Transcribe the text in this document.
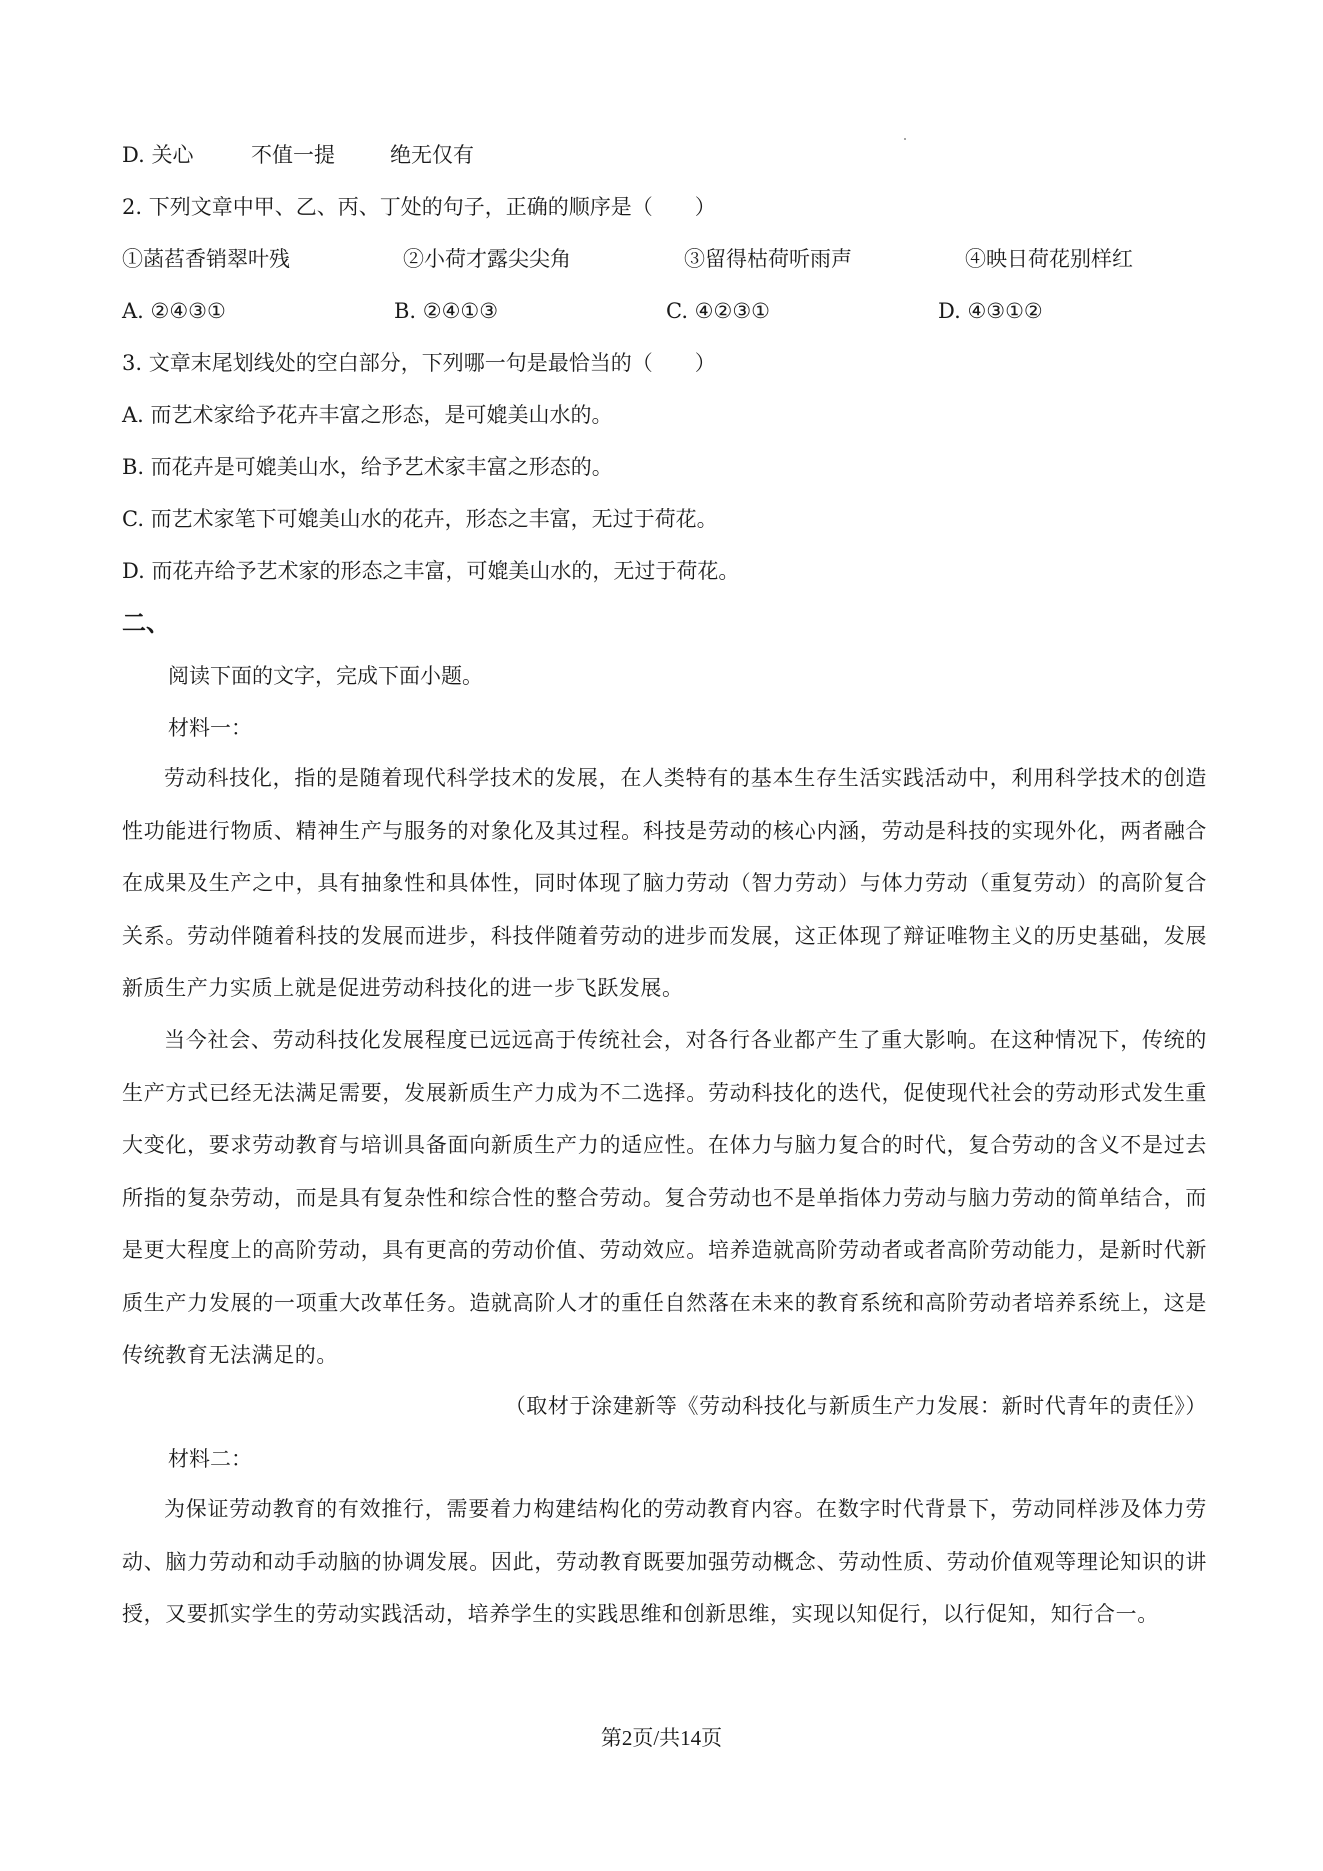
D. 关心	不值一提	绝无仅有
2. 下列文章中甲、乙、丙、丁处的句子，正确的顺序是（　　）
①菡萏香销翠叶残	②小荷才露尖尖角	③留得枯荷听雨声	④映日荷花别样红
A. ②④③①	B. ②④①③	C. ④②③①	D. ④③①②
3. 文章末尾划线处的空白部分，下列哪一句是最恰当的（　　）
A. 而艺术家给予花卉丰富之形态，是可媲美山水的。
B. 而花卉是可媲美山水，给予艺术家丰富之形态的。
C. 而艺术家笔下可媲美山水的花卉，形态之丰富，无过于荷花。
D. 而花卉给予艺术家的形态之丰富，可媲美山水的，无过于荷花。
二、
阅读下面的文字，完成下面小题。
材料一：

劳动科技化，指的是随着现代科学技术的发展，在人类特有的基本生存生活实践活动中，利用科学技术的创造性功能进行物质、精神生产与服务的对象化及其过程。科技是劳动的核心内涵，劳动是科技的实现外化，两者融合在成果及生产之中，具有抽象性和具体性，同时体现了脑力劳动（智力劳动）与体力劳动（重复劳动）的高阶复合关系。劳动伴随着科技的发展而进步，科技伴随着劳动的进步而发展，这正体现了辩证唯物主义的历史基础，发展新质生产力实质上就是促进劳动科技化的进一步飞跃发展。

当今社会、劳动科技化发展程度已远远高于传统社会，对各行各业都产生了重大影响。在这种情况下，传统的生产方式已经无法满足需要，发展新质生产力成为不二选择。劳动科技化的迭代，促使现代社会的劳动形式发生重大变化，要求劳动教育与培训具备面向新质生产力的适应性。在体力与脑力复合的时代，复合劳动的含义不是过去所指的复杂劳动，而是具有复杂性和综合性的整合劳动。复合劳动也不是单指体力劳动与脑力劳动的简单结合，而是更大程度上的高阶劳动，具有更高的劳动价值、劳动效应。培养造就高阶劳动者或者高阶劳动能力，是新时代新质生产力发展的一项重大改革任务。造就高阶人才的重任自然落在未来的教育系统和高阶劳动者培养系统上，这是传统教育无法满足的。

（取材于涂建新等《劳动科技化与新质生产力发展：新时代青年的责任》）
材料二：

为保证劳动教育的有效推行，需要着力构建结构化的劳动教育内容。在数字时代背景下，劳动同样涉及体力劳动、脑力劳动和动手动脑的协调发展。因此，劳动教育既要加强劳动概念、劳动性质、劳动价值观等理论知识的讲授，又要抓实学生的劳动实践活动，培养学生的实践思维和创新思维，实现以知促行，以行促知，知行合一。

第2页/共14页
